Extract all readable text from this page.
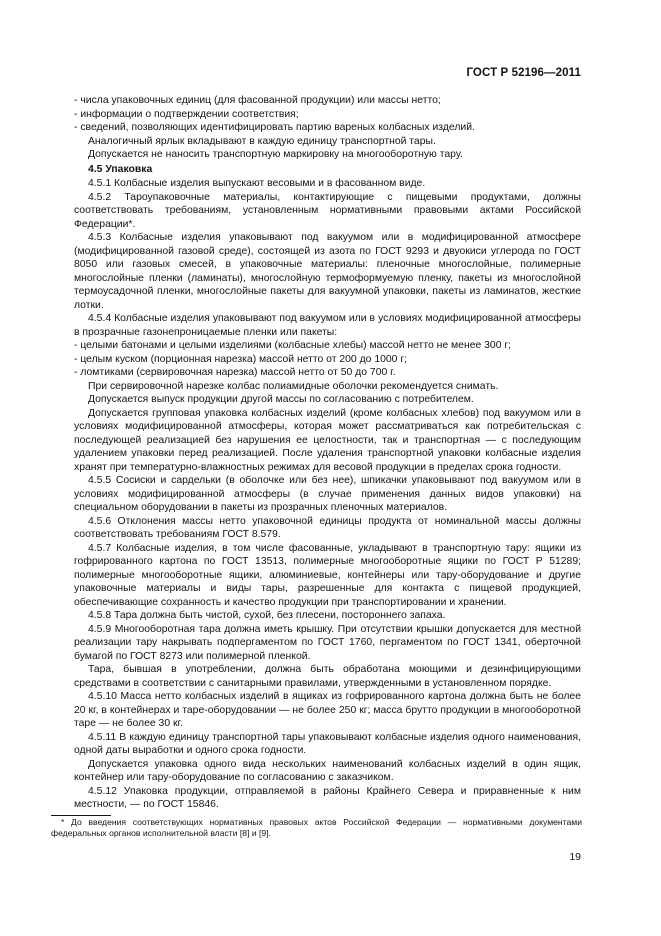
ГОСТ Р 52196—2011

- числа упаковочных единиц (для фасованной продукции) или массы нетто;

- информации о подтверждении соответствия;

- сведений, позволяющих идентифицировать партию вареных колбасных изделий.

Аналогичный ярлык вкладывают в каждую единицу транспортной тары.

Допускается не наносить транспортную маркировку на многооборотную тару.

4.5 Упаковка

4.5.1 Колбасные изделия выпускают весовыми и в фасованном виде.

4.5.2 Тароупаковочные материалы, контактирующие с пищевыми продуктами, должны соответствовать требованиям, установленным нормативными правовыми актами Российской Федерации*.

4.5.3 Колбасные изделия упаковывают под вакуумом или в модифицированной атмосфере (модифицированной газовой среде), состоящей из азота по ГОСТ 9293 и двуокиси углерода по ГОСТ 8050 или газовых смесей, в упаковочные материалы: пленочные многослойные, полимерные многослойные пленки (ламинаты), многослойную термоформуемую пленку, пакеты из многослойной термоусадочной пленки, многослойные пакеты для вакуумной упаковки, пакеты из ламинатов, жесткие лотки.

4.5.4 Колбасные изделия упаковывают под вакуумом или в условиях модифицированной атмосферы в прозрачные газонепроницаемые пленки или пакеты:

- целыми батонами и целыми изделиями (колбасные хлебы) массой нетто не менее 300 г;

- целым куском (порционная нарезка) массой нетто от 200 до 1000 г;

- ломтиками (сервировочная нарезка) массой нетто от 50 до 700 г.

При сервировочной нарезке колбас полиамидные оболочки рекомендуется снимать.

Допускается выпуск продукции другой массы по согласованию с потребителем.

Допускается групповая упаковка колбасных изделий (кроме колбасных хлебов) под вакуумом или в условиях модифицированной атмосферы, которая может рассматриваться как потребительская с последующей реализацией без нарушения ее целостности, так и транспортная — с последующим удалением упаковки перед реализацией. После удаления транспортной упаковки колбасные изделия хранят при температурно-влажностных режимах для весовой продукции в пределах срока годности.

4.5.5 Сосиски и сардельки (в оболочке или без нее), шпикачки упаковывают под вакуумом или в условиях модифицированной атмосферы (в случае применения данных видов упаковки) на специальном оборудовании в пакеты из прозрачных пленочных материалов.

4.5.6 Отклонения массы нетто упаковочной единицы продукта от номинальной массы должны соответствовать требованиям ГОСТ 8.579.

4.5.7 Колбасные изделия, в том числе фасованные, укладывают в транспортную тару: ящики из гофрированного картона по ГОСТ 13513, полимерные многооборотные ящики по ГОСТ Р 51289; полимерные многооборотные ящики, алюминиевые, контейнеры или тару-оборудование и другие упаковочные материалы и виды тары, разрешенные для контакта с пищевой продукцией, обеспечивающие сохранность и качество продукции при транспортировании и хранении.

4.5.8 Тара должна быть чистой, сухой, без плесени, постороннего запаха.

4.5.9 Многооборотная тара должна иметь крышку. При отсутствии крышки допускается для местной реализации тару накрывать подпергаментом по ГОСТ 1760, пергаментом по ГОСТ 1341, оберточной бумагой по ГОСТ 8273 или полимерной пленкой.

Тара, бывшая в употреблении, должна быть обработана моющими и дезинфицирующими средствами в соответствии с санитарными правилами, утвержденными в установленном порядке.

4.5.10 Масса нетто колбасных изделий в ящиках из гофрированного картона должна быть не более 20 кг, в контейнерах и таре-оборудовании — не более 250 кг; масса брутто продукции в многооборотной таре — не более 30 кг.

4.5.11 В каждую единицу транспортной тары упаковывают колбасные изделия одного наименования, одной даты выработки и одного срока годности.

Допускается упаковка одного вида нескольких наименований колбасных изделий в один ящик, контейнер или тару-оборудование по согласованию с заказчиком.

4.5.12 Упаковка продукции, отправляемой в районы Крайнего Севера и приравненные к ним местности, — по ГОСТ 15846.

* До введения соответствующих нормативных правовых актов Российской Федерации — нормативными документами федеральных органов исполнительной власти [8] и [9].

19
